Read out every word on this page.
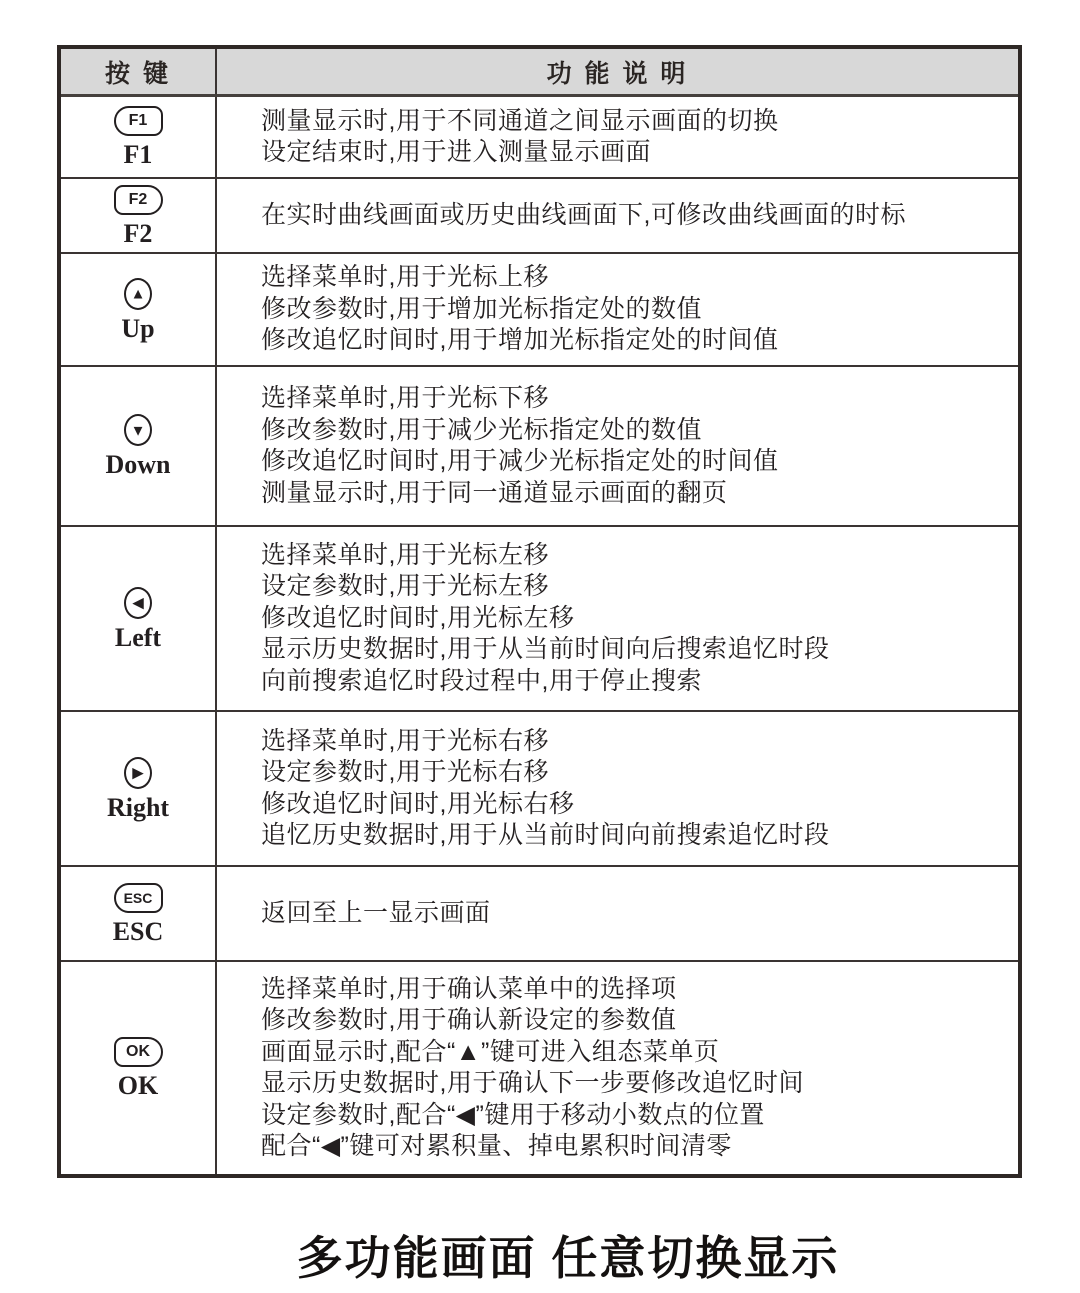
按 键	功 能 说 明
F1
F1
测量显示时,用于不同通道之间显示画面的切换
设定结束时,用于进入测量显示画面
F2
F2
在实时曲线画面或历史曲线画面下,可修改曲线画面的时标
▲
Up
选择菜单时,用于光标上移
修改参数时,用于增加光标指定处的数值
修改追忆时间时,用于增加光标指定处的时间值
▼
Down
选择菜单时,用于光标下移
修改参数时,用于减少光标指定处的数值
修改追忆时间时,用于减少光标指定处的时间值
测量显示时,用于同一通道显示画面的翻页
◀
Left
选择菜单时,用于光标左移
设定参数时,用于光标左移
修改追忆时间时,用光标左移
显示历史数据时,用于从当前时间向后搜索追忆时段
向前搜索追忆时段过程中,用于停止搜索
▶
Right
选择菜单时,用于光标右移
设定参数时,用于光标右移
修改追忆时间时,用光标右移
追忆历史数据时,用于从当前时间向前搜索追忆时段
ESC
ESC
返回至上一显示画面
OK
OK
选择菜单时,用于确认菜单中的选择项
修改参数时,用于确认新设定的参数值
画面显示时,配合“▲”键可进入组态菜单页
显示历史数据时,用于确认下一步要修改追忆时间
设定参数时,配合“◀”键用于移动小数点的位置
配合“◀”键可对累积量、掉电累积时间清零
多功能画面 任意切换显示
